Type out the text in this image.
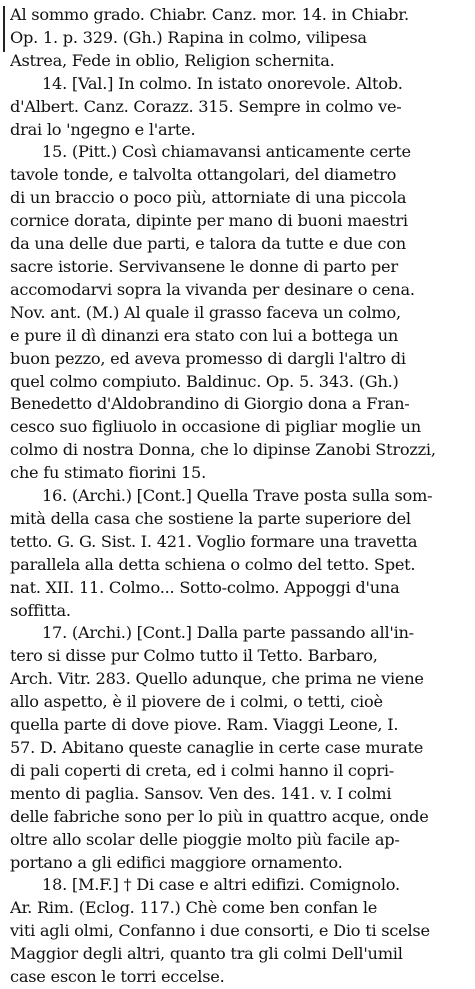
Al sommo grado. Chiabr. Canz. mor. 14. in Chiabr.
Op. 1. p. 329. (Gh.) Rapina in colmo, vilipesa
Astrea, Fede in oblio, Religion schernita.
14. [Val.] In colmo. In istato onorevole. Altob.
d'Albert. Canz. Corazz. 315. Sempre in colmo ve-
drai lo 'ngegno e l'arte.
15. (Pitt.) Così chiamavansi anticamente certe
tavole tonde, e talvolta ottangolari, del diametro
di un braccio o poco più, attorniate di una piccola
cornice dorata, dipinte per mano di buoni maestri
da una delle due parti, e talora da tutte e due con
sacre istorie. Servivansene le donne di parto per
accomodarvi sopra la vivanda per desinare o cena.
Nov. ant. (M.) Al quale il grasso faceva un colmo,
e pure il dì dinanzi era stato con lui a bottega un
buon pezzo, ed aveva promesso di dargli l'altro di
quel colmo compiuto. Baldinuc. Op. 5. 343. (Gh.)
Benedetto d'Aldobrandino di Giorgio dona a Fran-
cesco suo figliuolo in occasione di pigliar moglie un
colmo di nostra Donna, che lo dipinse Zanobi Strozzi,
che fu stimato fiorini 15.
16. (Archi.) [Cont.] Quella Trave posta sulla som-
mità della casa che sostiene la parte superiore del
tetto. G. G. Sist. I. 421. Voglio formare una travetta
parallela alla detta schiena o colmo del tetto. Spet.
nat. XII. 11. Colmo... Sotto-colmo. Appoggi d'una
soffitta.
17. (Archi.) [Cont.] Dalla parte passando all'in-
tero si disse pur Colmo tutto il Tetto. Barbaro,
Arch. Vitr. 283. Quello adunque, che prima ne viene
allo aspetto, è il piovere de i colmi, o tetti, cioè
quella parte di dove piove. Ram. Viaggi Leone, I.
57. D. Abitano queste canaglie in certe case murate
di pali coperti di creta, ed i colmi hanno il copri-
mento di paglia. Sansov. Ven des. 141. v. I colmi
delle fabriche sono per lo più in quattro acque, onde
oltre allo scolar delle pioggie molto più facile ap-
portano a gli edifici maggiore ornamento.
18. [M.F.] † Di case e altri edifizi. Comignolo.
Ar. Rim. (Eclog. 117.) Chè come ben confan le
viti agli olmi, Confanno i due consorti, e Dio ti scelse
Maggior degli altri, quanto tra gli colmi Dell'umil
case escon le torri eccelse.
